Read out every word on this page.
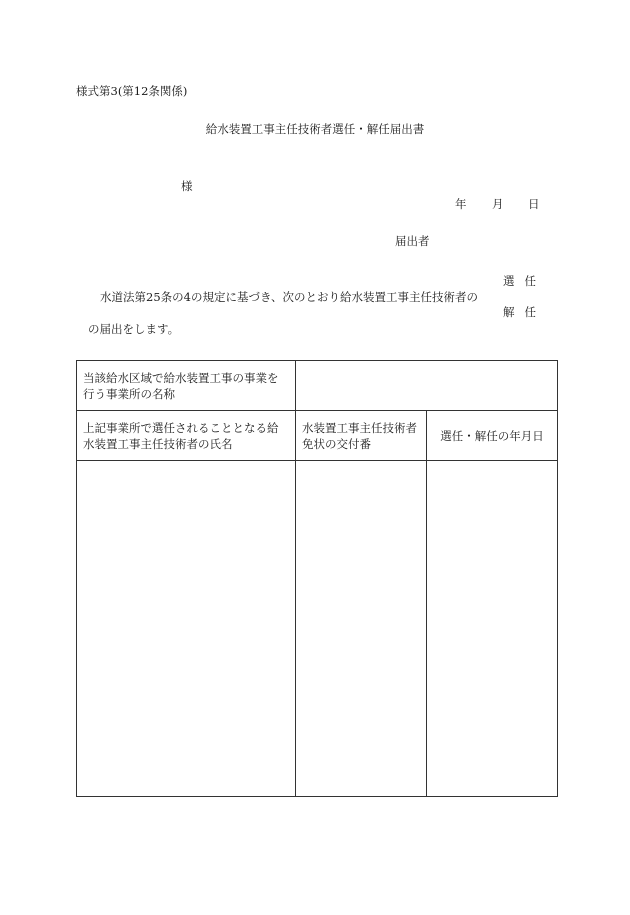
様式第3(第12条関係)
給水装置工事主任技術者選任・解任届出書
様
年 月 日
届出者
選任
水道法第25条の4の規定に基づき、次のとおり給水装置工事主任技術者の
解任
の届出をします。
当該給水区域で給水装置工事の事業を行う事業所の名称		
上記事業所で選任されることとなる給水装置工事主任技術者の氏名	水装置工事主任技術者免状の交付番	選任・解任の年月日
